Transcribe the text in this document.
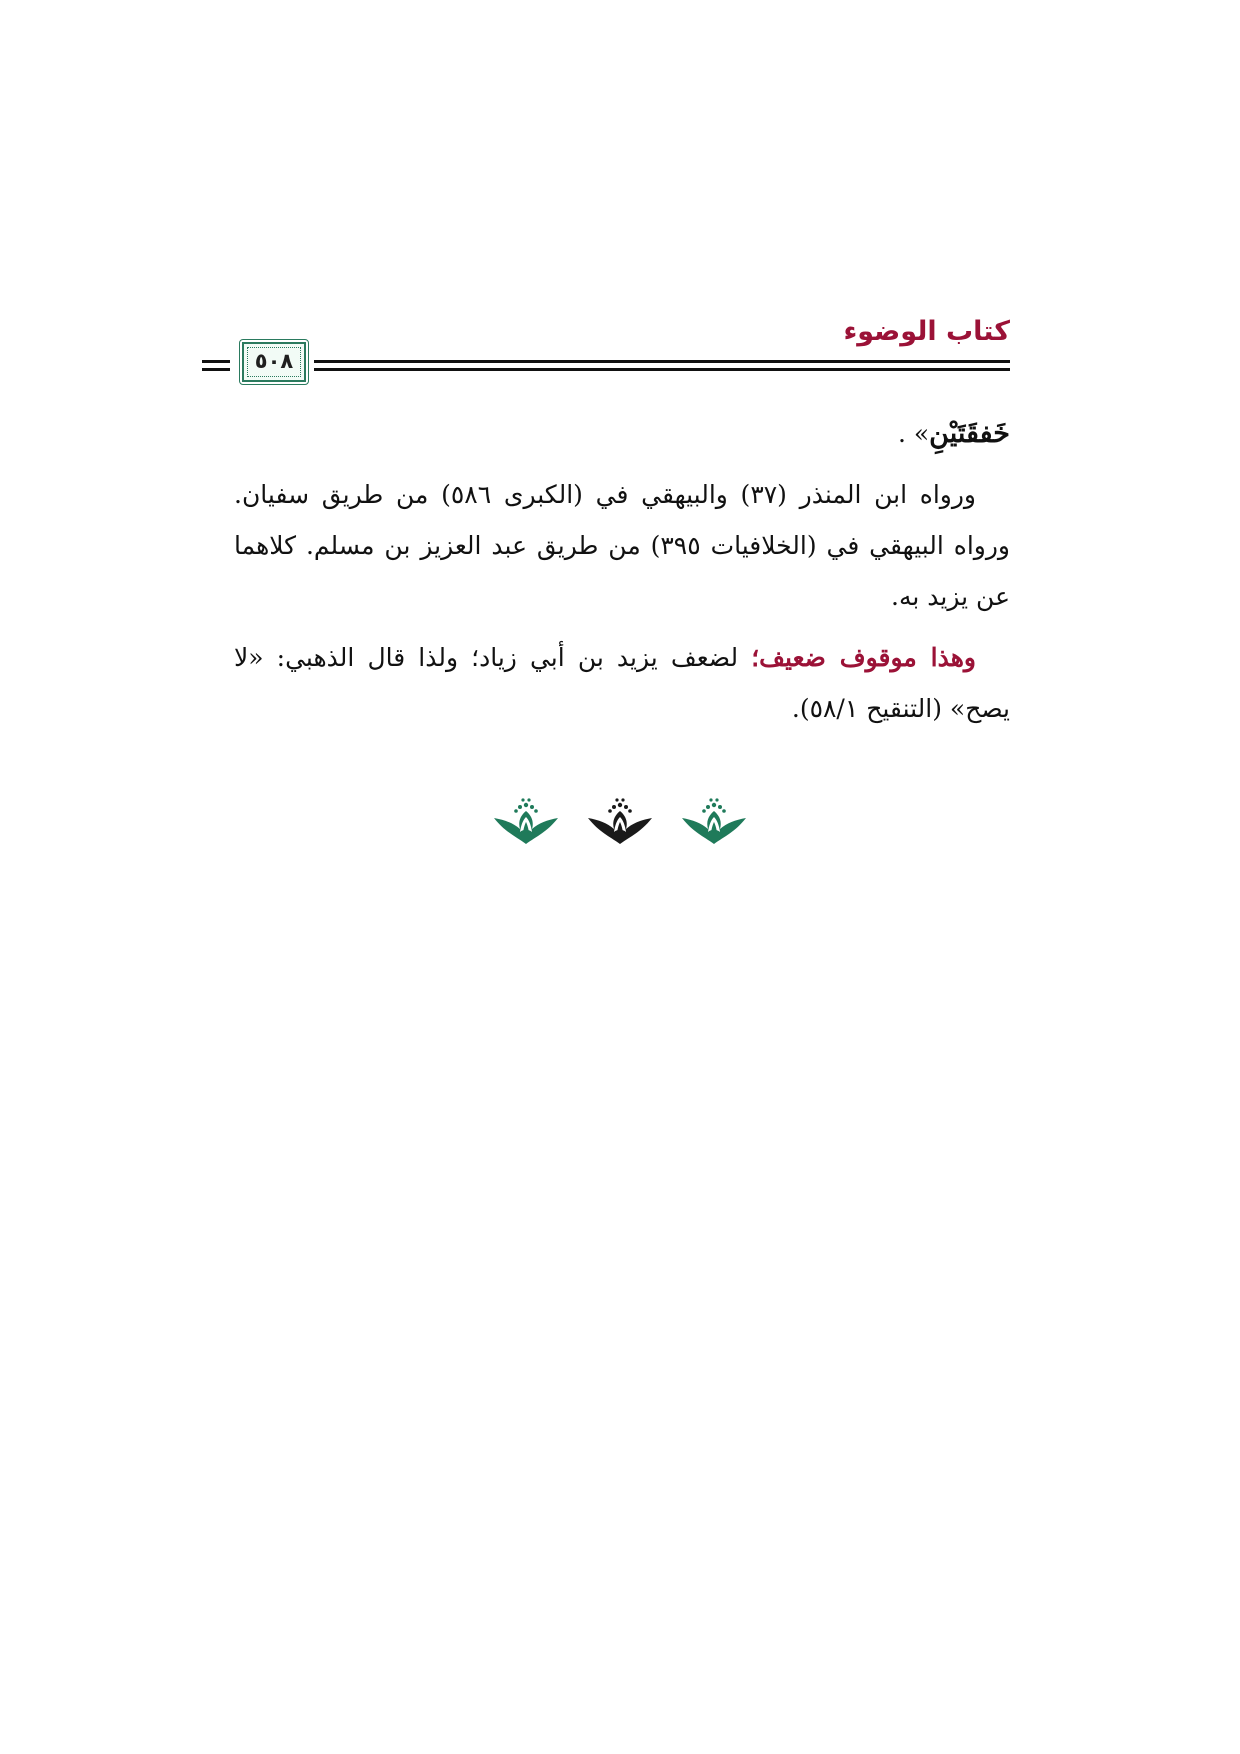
كتاب الوضوء
٥٠٨

خَفقَتَيْنِ» .

ورواه ابن المنذر (٣٧) والبيهقي في (الكبرى ٥٨٦) من طريق سفيان. ورواه البيهقي في (الخلافيات ٣٩٥) من طريق عبد العزيز بن مسلم. كلاهما عن يزيد به.

وهذا موقوف ضعيف؛ لضعف يزيد بن أبي زياد؛ ولذا قال الذهبي: «لا يصح» (التنقيح ٥٨/١).
